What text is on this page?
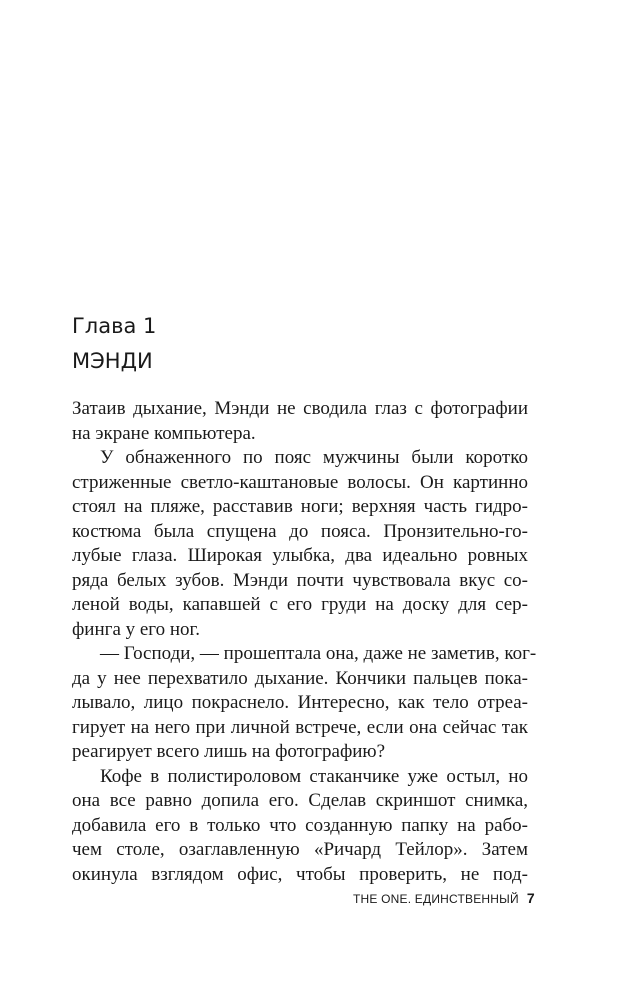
Глава 1
МЭНДИ
Затаив дыхание, Мэнди не сводила глаз с фотографии
на экране компьютера.
У обнаженного по пояс мужчины были коротко
стриженные светло-каштановые волосы. Он картинно
стоял на пляже, расставив ноги; верхняя часть гидро-
костюма была спущена до пояса. Пронзительно-го-
лубые глаза. Широкая улыбка, два идеально ровных
ряда белых зубов. Мэнди почти чувствовала вкус со-
леной воды, капавшей с его груди на доску для сер-
финга у его ног.
— Господи, — прошептала она, даже не заметив, ког-
да у нее перехватило дыхание. Кончики пальцев пока-
лывало, лицо покраснело. Интересно, как тело отреа-
гирует на него при личной встрече, если она сейчас так
реагирует всего лишь на фотографию?
Кофе в полистироловом стаканчике уже остыл, но
она все равно допила его. Сделав скриншот снимка,
добавила его в только что созданную папку на рабо-
чем столе, озаглавленную «Ричард Тейлор». Затем
окинула взглядом офис, чтобы проверить, не под-
THE ONE. ЕДИНСТВЕННЫЙ 7
